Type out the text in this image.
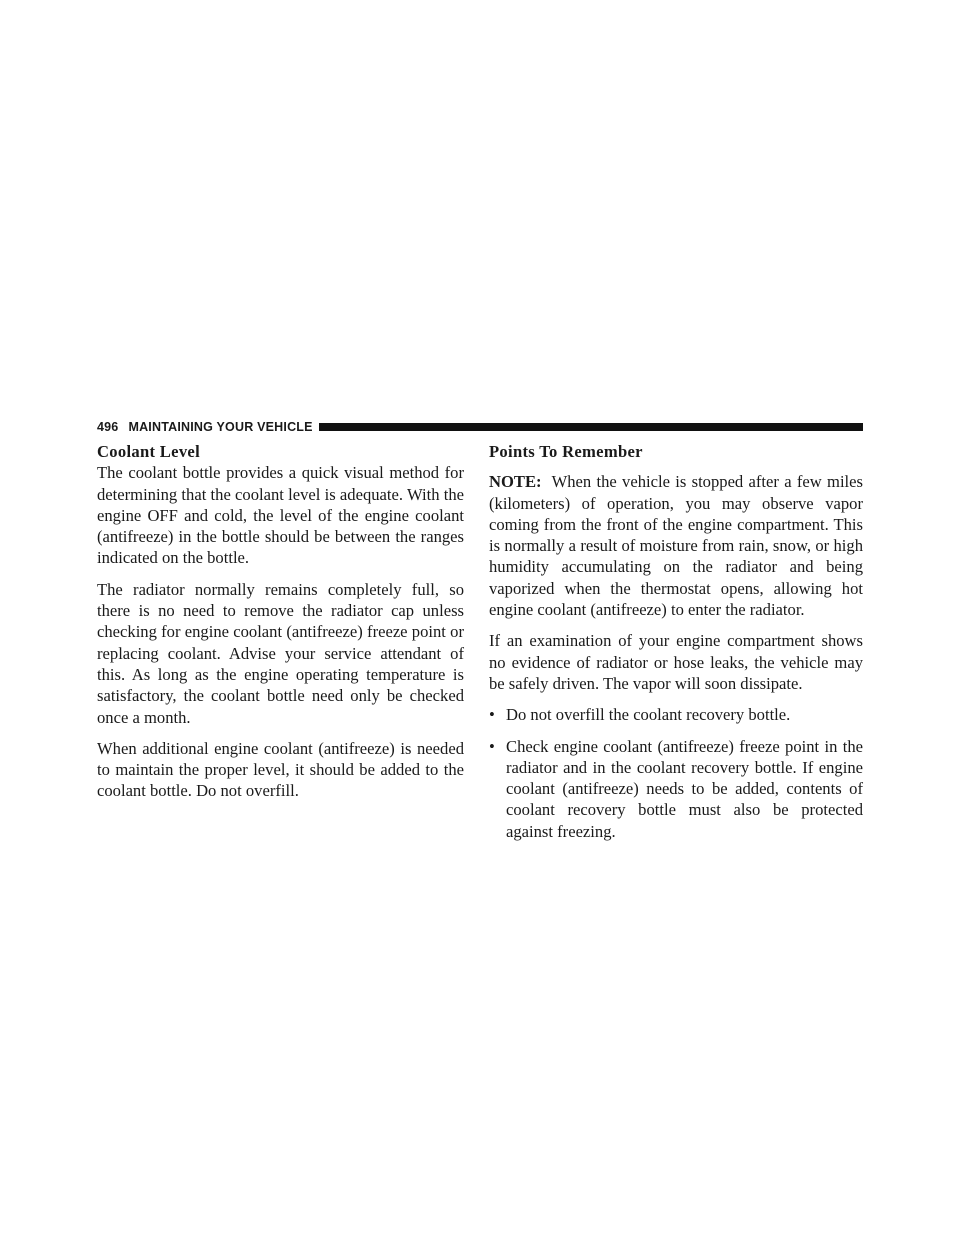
496 MAINTAINING YOUR VEHICLE
Coolant Level

The coolant bottle provides a quick visual method for determining that the coolant level is adequate. With the engine OFF and cold, the level of the engine coolant (antifreeze) in the bottle should be between the ranges indicated on the bottle.

The radiator normally remains completely full, so there is no need to remove the radiator cap unless checking for engine coolant (antifreeze) freeze point or replacing coolant. Advise your service attendant of this. As long as the engine operating temperature is satisfactory, the coolant bottle need only be checked once a month.

When additional engine coolant (antifreeze) is needed to maintain the proper level, it should be added to the coolant bottle. Do not overfill.

Points To Remember

NOTE: When the vehicle is stopped after a few miles (kilometers) of operation, you may observe vapor coming from the front of the engine compartment. This is normally a result of moisture from rain, snow, or high humidity accumulating on the radiator and being vaporized when the thermostat opens, allowing hot engine coolant (antifreeze) to enter the radiator.

If an examination of your engine compartment shows no evidence of radiator or hose leaks, the vehicle may be safely driven. The vapor will soon dissipate.

• Do not overfill the coolant recovery bottle.
• Check engine coolant (antifreeze) freeze point in the radiator and in the coolant recovery bottle. If engine coolant (antifreeze) needs to be added, contents of coolant recovery bottle must also be protected against freezing.
